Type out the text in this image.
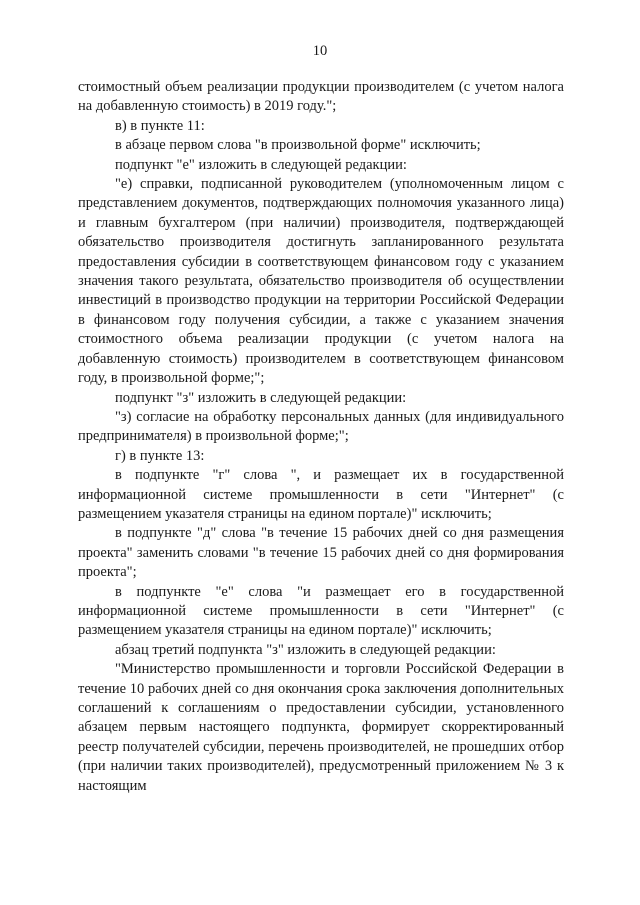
10

стоимостный объем реализации продукции производителем (с учетом налога на добавленную стоимость) в 2019 году.";

в) в пункте 11:

в абзаце первом слова "в произвольной форме" исключить;

подпункт "е" изложить в следующей редакции:

"е) справки, подписанной руководителем (уполномоченным лицом с представлением документов, подтверждающих полномочия указанного лица) и главным бухгалтером (при наличии) производителя, подтверждающей обязательство производителя достигнуть запланированного результата предоставления субсидии в соответствующем финансовом году с указанием значения такого результата, обязательство производителя об осуществлении инвестиций в производство продукции на территории Российской Федерации в финансовом году получения субсидии, а также с указанием значения стоимостного объема реализации продукции (с учетом налога на добавленную стоимость) производителем в соответствующем финансовом году, в произвольной форме;";

подпункт "з" изложить в следующей редакции:

"з) согласие на обработку персональных данных (для индивидуального предпринимателя) в произвольной форме;";

г) в пункте 13:

в подпункте "г" слова ", и размещает их в государственной информационной системе промышленности в сети "Интернет" (с размещением указателя страницы на едином портале)" исключить;

в подпункте "д" слова "в течение 15 рабочих дней со дня размещения проекта" заменить словами "в течение 15 рабочих дней со дня формирования проекта";

в подпункте "е" слова "и размещает его в государственной информационной системе промышленности в сети "Интернет" (с размещением указателя страницы на едином портале)" исключить;

абзац третий подпункта "з" изложить в следующей редакции:

"Министерство промышленности и торговли Российской Федерации в течение 10 рабочих дней со дня окончания срока заключения дополнительных соглашений к соглашениям о предоставлении субсидии, установленного абзацем первым настоящего подпункта, формирует скорректированный реестр получателей субсидии, перечень производителей, не прошедших отбор (при наличии таких производителей), предусмотренный приложением № 3 к настоящим
